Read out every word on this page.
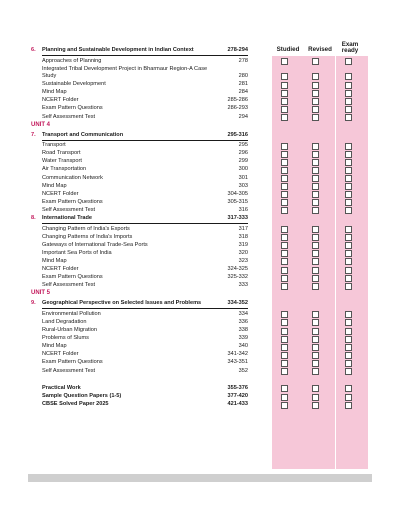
Studied	Revised
Exam
ready
6. Planning and Sustainable Development in Indian Context	278-294
Approaches of Planning	278
Integrated Tribal Development Project in Bharmaur Region-A Case Study	280
Sustainable Development	281
Mind Map	284
NCERT Folder	285-286
Exam Pattern Questions	286-293
Self Assessment Test	294
UNIT 4
7. Transport and Communication	295-316
Transport	295
Road Transport	296
Water Transport	299
Air Transportation	300
Communication Network	301
Mind Map	303
NCERT Folder	304-305
Exam Pattern Questions	305-315
Self Assessment Test	316
8. International Trade	317-333
Changing Pattern of India's Exports	317
Changing Patterns of India's Imports	318
Gateways of International Trade-Sea Ports	319
Important Sea Ports of India	320
Mind Map	323
NCERT Folder	324-325
Exam Pattern Questions	325-332
Self Assessment Test	333
UNIT 5
9. Geographical Perspective on Selected Issues and Problems	334-352
Environmental Pollution	334
Land Degradation	336
Rural-Urban Migration	338
Problems of Slums	339
Mind Map	340
NCERT Folder	341-342
Exam Pattern Questions	343-351
Self Assessment Test	352
Practical Work	355-376
Sample Question Papers (1-5)	377-420
CBSE Solved Paper 2025	421-433
